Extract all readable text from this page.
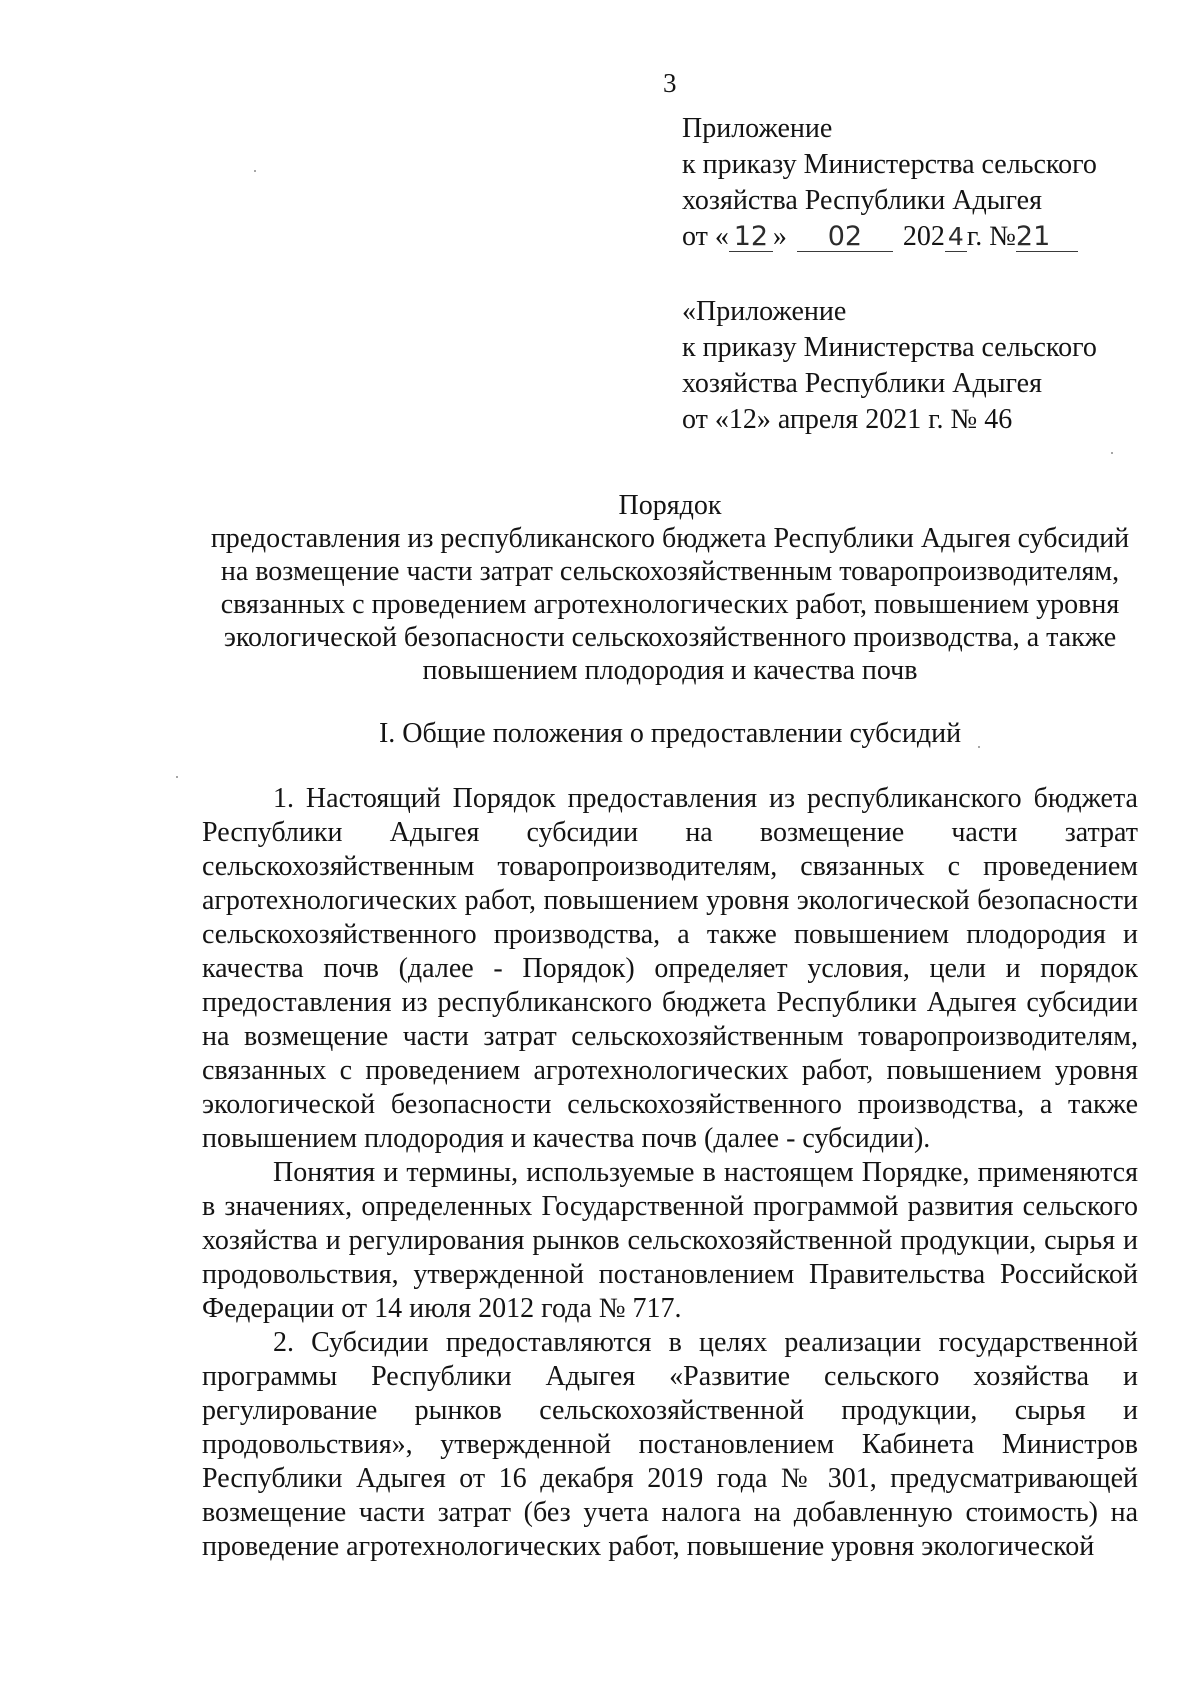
3
Приложение
к приказу Министерства сельского
хозяйства Республики Адыгея
от « 12 » 02 202 4 г. №21
«Приложение
к приказу Министерства сельского
хозяйства Республики Адыгея
от «12» апреля 2021 г. № 46
Порядок
предоставления из республиканского бюджета Республики Адыгея субсидий
на возмещение части затрат сельскохозяйственным товаропроизводителям,
связанных с проведением агротехнологических работ, повышением уровня
экологической безопасности сельскохозяйственного производства, а также
повышением плодородия и качества почв
I. Общие положения о предоставлении субсидий

1. Настоящий Порядок предоставления из республиканского бюджета Республики Адыгея субсидии на возмещение части затрат сельскохозяйственным товаропроизводителям, связанных с проведением агротехнологических работ, повышением уровня экологической безопасности сельскохозяйственного производства, а также повышением плодородия и качества почв (далее - Порядок) определяет условия, цели и порядок предоставления из республиканского бюджета Республики Адыгея субсидии на возмещение части затрат сельскохозяйственным товаропроизводителям, связанных с проведением агротехнологических работ, повышением уровня экологической безопасности сельскохозяйственного производства, а также повышением плодородия и качества почв (далее - субсидии).

Понятия и термины, используемые в настоящем Порядке, применяются в значениях, определенных Государственной программой развития сельского хозяйства и регулирования рынков сельскохозяйственной продукции, сырья и продовольствия, утвержденной постановлением Правительства Российской Федерации от 14 июля 2012 года № 717.

2. Субсидии предоставляются в целях реализации государственной программы Республики Адыгея «Развитие сельского хозяйства и регулирование рынков сельскохозяйственной продукции, сырья и продовольствия», утвержденной постановлением Кабинета Министров Республики Адыгея от 16 декабря 2019 года № 301, предусматривающей возмещение части затрат (без учета налога на добавленную стоимость) на проведение агротехнологических работ, повышение уровня экологической
